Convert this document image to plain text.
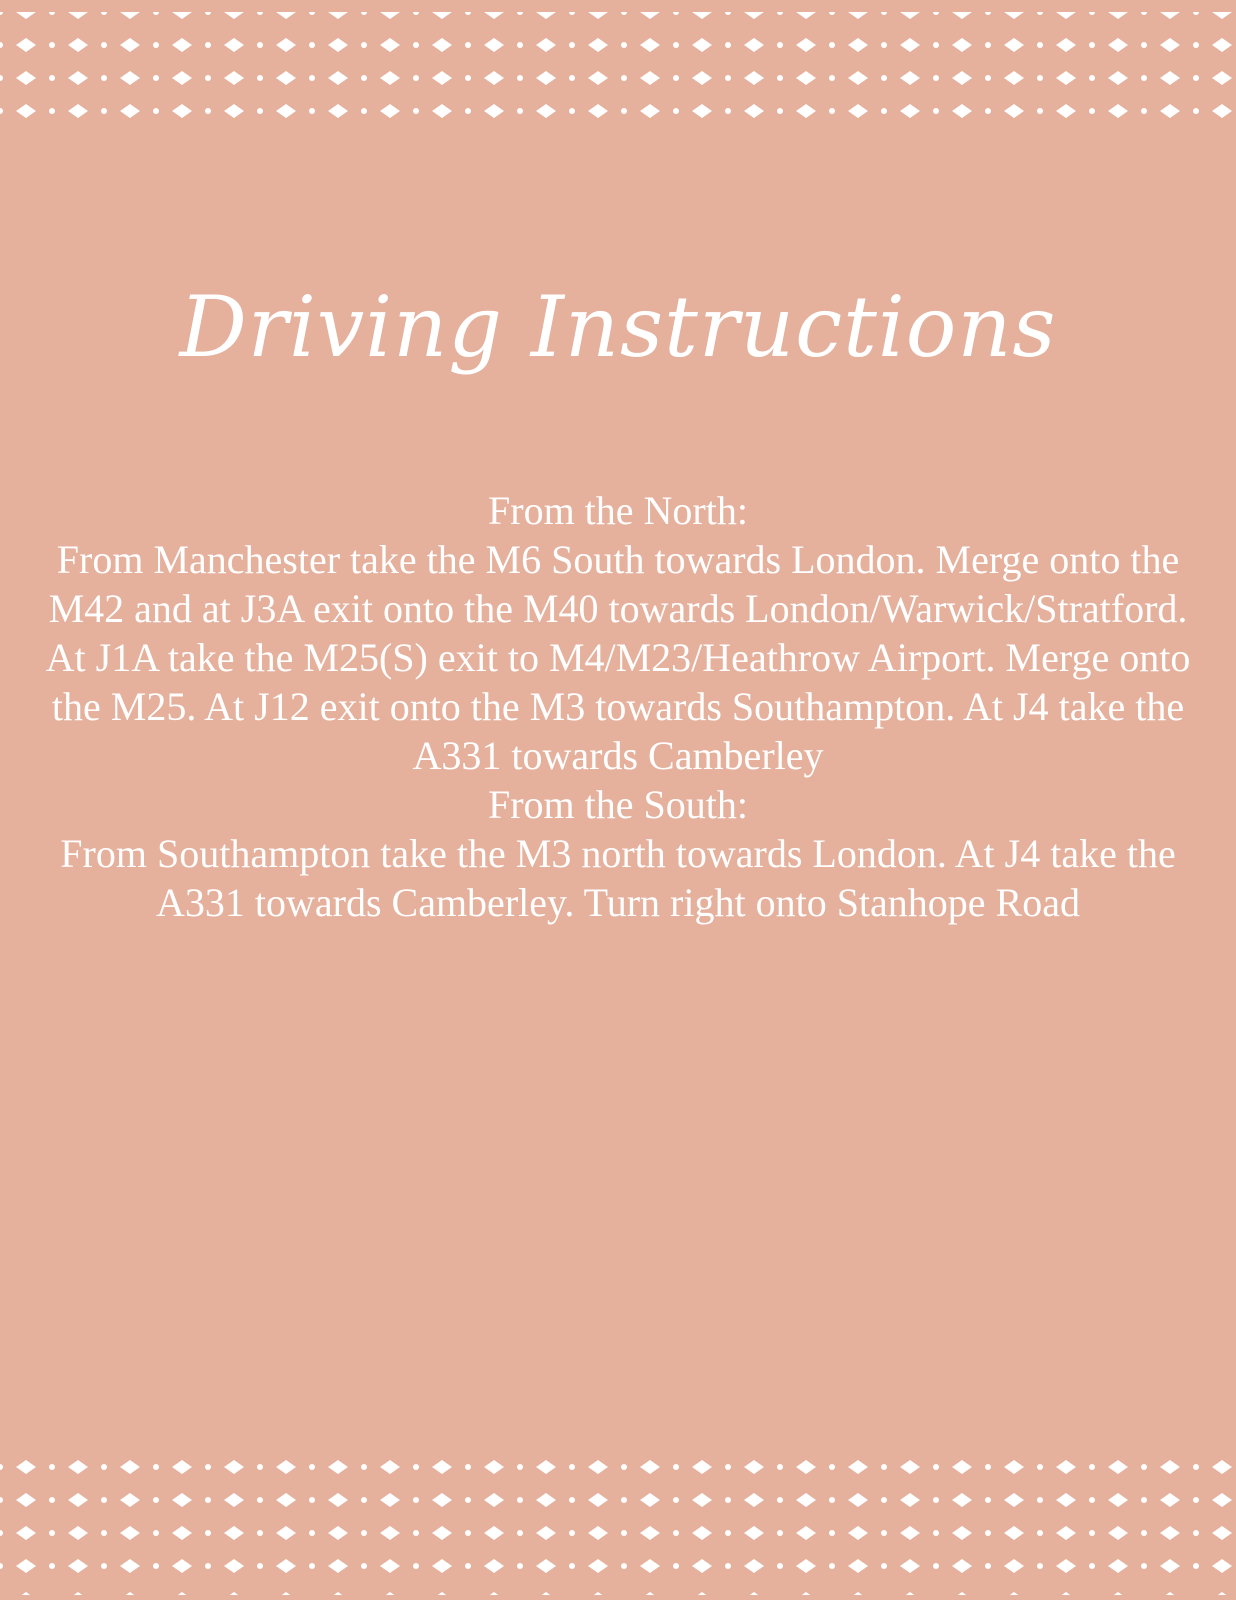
Driving Instructions

From the North:

From Manchester take the M6 South towards London. Merge onto the M42 and at J3A exit onto the M40 towards London/Warwick/Stratford. At J1A take the M25(S) exit to M4/M23/Heathrow Airport. Merge onto the M25. At J12 exit onto the M3 towards Southampton. At J4 take the A331 towards Camberley

From the South:

From Southampton take the M3 north towards London. At J4 take the A331 towards Camberley. Turn right onto Stanhope Road
